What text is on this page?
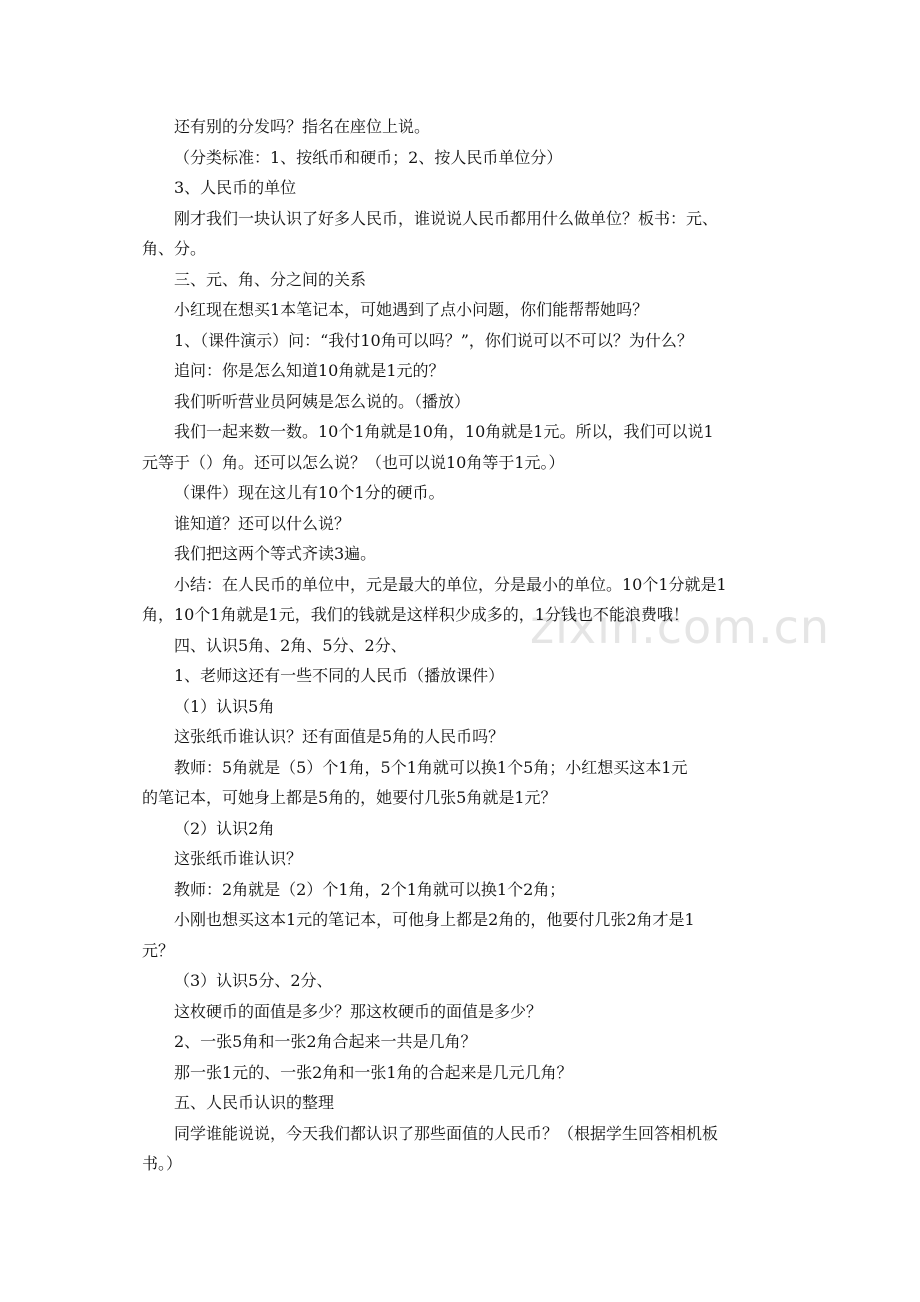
zixin.com.cn
还有别的分发吗？指名在座位上说。
（分类标准：1、按纸币和硬币；2、按人民币单位分）
3、人民币的单位
刚才我们一块认识了好多人民币，谁说说人民币都用什么做单位？板书：元、
角、分。
三、元、角、分之间的关系
小红现在想买1本笔记本，可她遇到了点小问题，你们能帮帮她吗？
1、（课件演示）问：“我付10角可以吗？”，你们说可以不可以？为什么？
追问：你是怎么知道10角就是1元的？
我们听听营业员阿姨是怎么说的。（播放）
我们一起来数一数。10个1角就是10角，10角就是1元。所以，我们可以说1
元等于（）角。还可以怎么说？（也可以说10角等于1元。）
（课件）现在这儿有10个1分的硬币。
谁知道？还可以什么说？
我们把这两个等式齐读3遍。
小结：在人民币的单位中，元是最大的单位，分是最小的单位。10个1分就是1
角，10个1角就是1元，我们的钱就是这样积少成多的，1分钱也不能浪费哦！
四、认识5角、2角、5分、2分、
1、老师这还有一些不同的人民币（播放课件）
（1）认识5角
这张纸币谁认识？还有面值是5角的人民币吗？
教师：5角就是（5）个1角，5个1角就可以换1个5角；小红想买这本1元
的笔记本，可她身上都是5角的，她要付几张5角就是1元？
（2）认识2角
这张纸币谁认识？
教师：2角就是（2）个1角，2个1角就可以换1个2角；
小刚也想买这本1元的笔记本，可他身上都是2角的，他要付几张2角才是1
元？
（3）认识5分、2分、
这枚硬币的面值是多少？那这枚硬币的面值是多少？
2、一张5角和一张2角合起来一共是几角？
那一张1元的、一张2角和一张1角的合起来是几元几角？
五、人民币认识的整理
同学谁能说说，今天我们都认识了那些面值的人民币？（根据学生回答相机板
书。）
